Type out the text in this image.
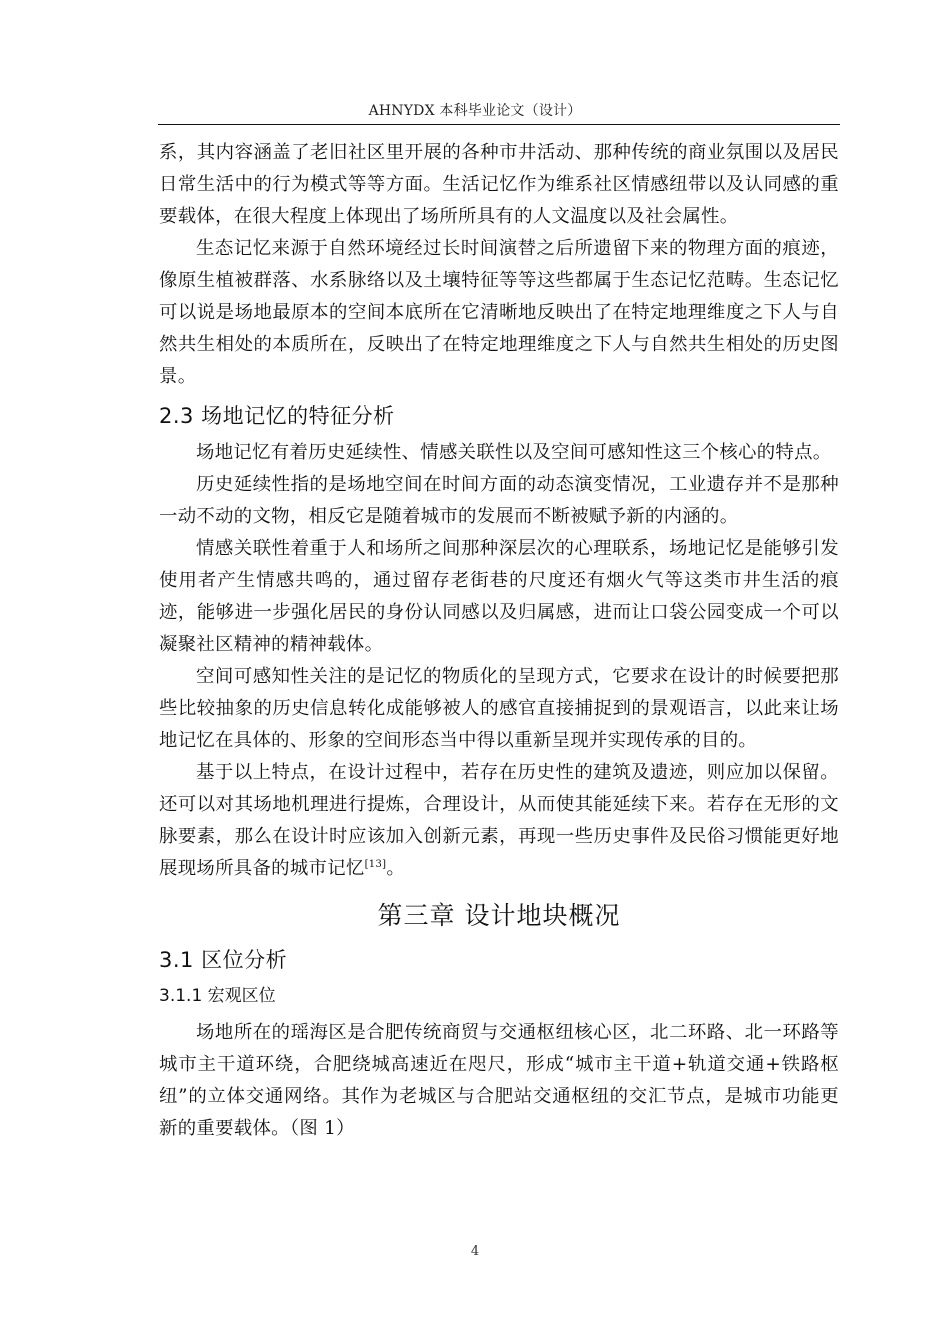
AHNYDX 本科毕业论文（设计）

系，其内容涵盖了老旧社区里开展的各种市井活动、那种传统的商业氛围以及居民日常生活中的行为模式等等方面。生活记忆作为维系社区情感纽带以及认同感的重要载体，在很大程度上体现出了场所所具有的人文温度以及社会属性。

生态记忆来源于自然环境经过长时间演替之后所遗留下来的物理方面的痕迹，像原生植被群落、水系脉络以及土壤特征等等这些都属于生态记忆范畴。生态记忆可以说是场地最原本的空间本底所在它清晰地反映出了在特定地理维度之下人与自然共生相处的本质所在，反映出了在特定地理维度之下人与自然共生相处的历史图景。

2.3 场地记忆的特征分析

场地记忆有着历史延续性、情感关联性以及空间可感知性这三个核心的特点。

历史延续性指的是场地空间在时间方面的动态演变情况，工业遗存并不是那种一动不动的文物，相反它是随着城市的发展而不断被赋予新的内涵的。

情感关联性着重于人和场所之间那种深层次的心理联系，场地记忆是能够引发使用者产生情感共鸣的，通过留存老街巷的尺度还有烟火气等这类市井生活的痕迹，能够进一步强化居民的身份认同感以及归属感，进而让口袋公园变成一个可以凝聚社区精神的精神载体。

空间可感知性关注的是记忆的物质化的呈现方式，它要求在设计的时候要把那些比较抽象的历史信息转化成能够被人的感官直接捕捉到的景观语言，以此来让场地记忆在具体的、形象的空间形态当中得以重新呈现并实现传承的目的。

基于以上特点，在设计过程中，若存在历史性的建筑及遗迹，则应加以保留。还可以对其场地机理进行提炼，合理设计，从而使其能延续下来。若存在无形的文脉要素，那么在设计时应该加入创新元素，再现一些历史事件及民俗习惯能更好地展现场所具备的城市记忆[13]。

第三章 设计地块概况
3.1 区位分析
3.1.1 宏观区位

场地所在的瑶海区是合肥传统商贸与交通枢纽核心区，北二环路、北一环路等城市主干道环绕，合肥绕城高速近在咫尺，形成“城市主干道+轨道交通+铁路枢纽”的立体交通网络。其作为老城区与合肥站交通枢纽的交汇节点，是城市功能更新的重要载体。（图 1）

4
